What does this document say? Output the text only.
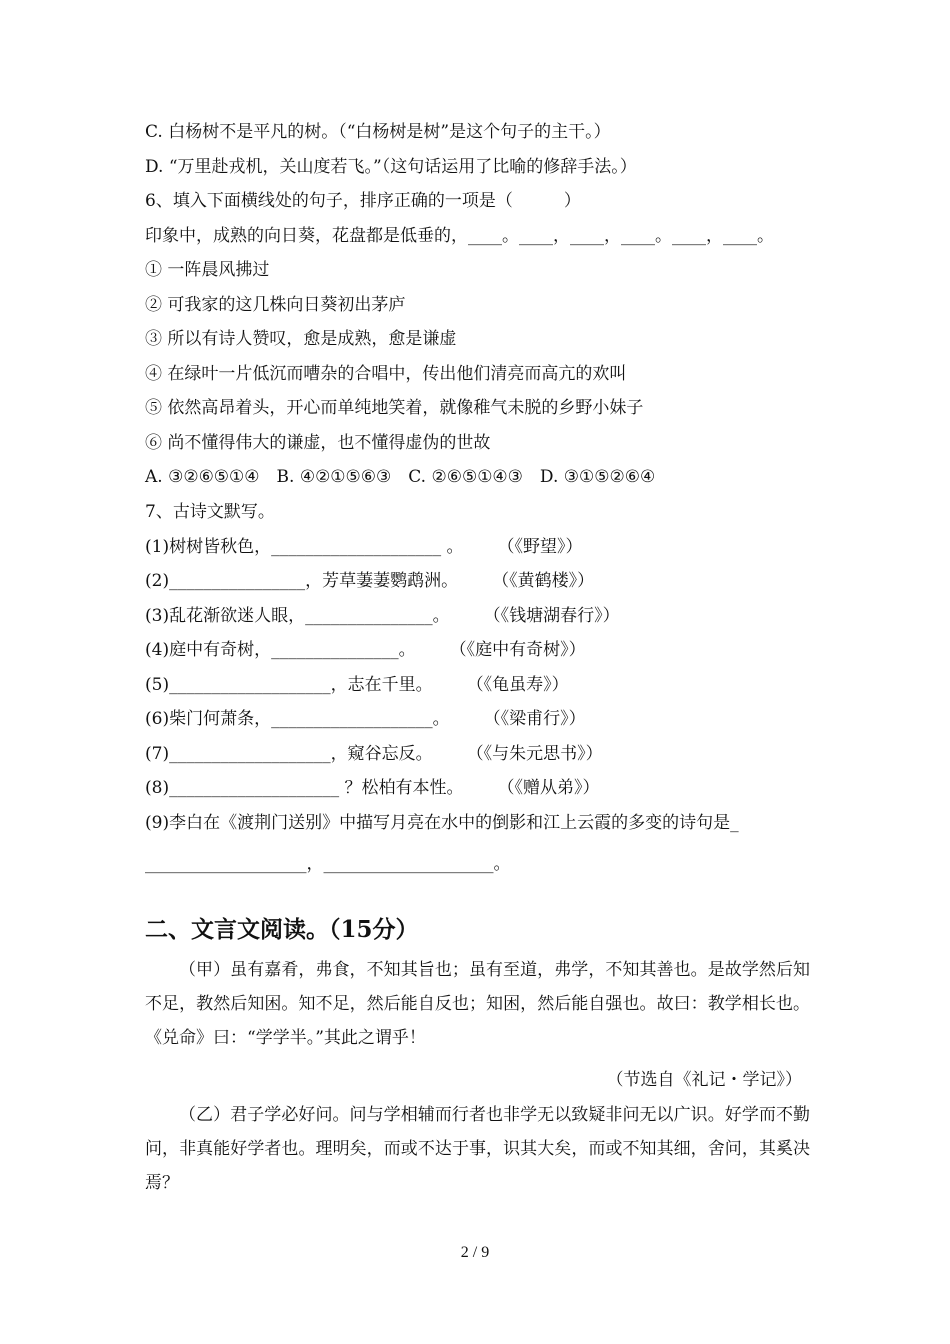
C. 白杨树不是平凡的树。（“白杨树是树”是这个句子的主干。）

D. “万里赴戎机，关山度若飞。”（这句话运用了比喻的修辞手法。）

6、填入下面横线处的句子，排序正确的一项是（　　　）

印象中，成熟的向日葵，花盘都是低垂的，____。____，____，____。____，____。

① 一阵晨风拂过

② 可我家的这几株向日葵初出茅庐

③ 所以有诗人赞叹，愈是成熟，愈是谦虚

④ 在绿叶一片低沉而嘈杂的合唱中，传出他们清亮而高亢的欢叫

⑤ 依然高昂着头，开心而单纯地笑着，就像稚气未脱的乡野小妹子

⑥ 尚不懂得伟大的谦虚，也不懂得虚伪的世故

A. ③②⑥⑤①④　B. ④②①⑤⑥③　C. ②⑥⑤①④③　D. ③①⑤②⑥④

7、古诗文默写。

(1)树树皆秋色，____________________ 。　　　（《野望》）

(2)________________，芳草萋萋鹦鹉洲。　　　（《黄鹤楼》）

(3)乱花渐欲迷人眼，_______________。　　　（《钱塘湖春行》）

(4)庭中有奇树，_______________。　　　（《庭中有奇树》）

(5)___________________，志在千里。　　　（《龟虽寿》）

(6)柴门何萧条，___________________。　　　（《梁甫行》）

(7)___________________，窥谷忘反。　　　（《与朱元思书》）

(8)____________________ ？松柏有本性。　　　（《赠从弟》）

(9)李白在《渡荆门送别》中描写月亮在水中的倒影和江上云霞的多变的诗句是_

___________________，____________________。

二、文言文阅读。（15分）

（甲）虽有嘉肴，弗食，不知其旨也；虽有至道，弗学，不知其善也。是故学然后知不足，教然后知困。知不足，然后能自反也；知困，然后能自强也。故曰：教学相长也。《兑命》曰：“学学半。”其此之谓乎！

（节选自《礼记・学记》）

（乙）君子学必好问。问与学相辅而行者也非学无以致疑非问无以广识。好学而不勤问，非真能好学者也。理明矣，而或不达于事，识其大矣，而或不知其细，舍问，其奚决焉？

2 / 9
